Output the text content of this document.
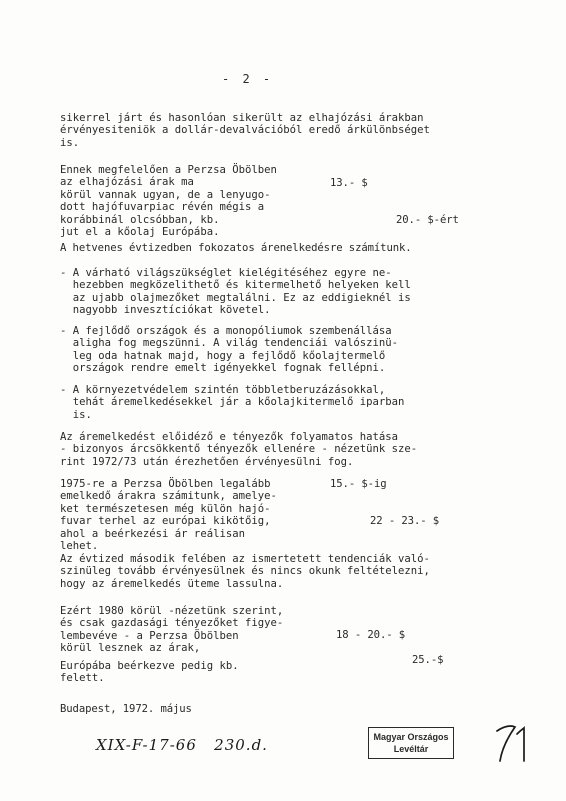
- 2 -
sikerrel járt és hasonlóan sikerült az elhajózási árakban
érvényesiteniök a dollár-devalvációból eredő árkülönbséget
is.
Ennek megfelelően a Perzsa Öbölben
az elhajózási árak ma
körül vannak ugyan, de a lenyugo-
dott hajófuvarpiac révén mégis a
korábbinál olcsóbban, kb.
jut el a kőolaj Európába.
13.- $
20.- $-ért
A hetvenes évtizedben fokozatos árenelkedésre számítunk.
- A várható világszükséglet kielégitéséhez egyre ne-
hezebben megközelithető és kitermelhető helyeken kell
az ujabb olajmezőket megtalálni. Ez az eddigieknél is
nagyobb invesztíciókat követel.
- A fejlődő országok és a monopóliumok szembenállása
aligha fog megszünni. A világ tendenciái valószinü-
leg oda hatnak majd, hogy a fejlődő kőolajtermelő
országok rendre emelt igényekkel fognak fellépni.
- A környezetvédelem szintén többletberuzázásokkal,
tehát áremelkedésekkel jár a kőolajkitermelő iparban
is.
Az áremelkedést előidéző e tényezők folyamatos hatása
- bizonyos árcsökkentő tényezők ellenére - nézetünk sze-
rint 1972/73 után érezhetően érvényesülni fog.
1975-re a Perzsa Öbölben legalább
emelkedő árakra számitunk, amelye-
ket természetesen még külön hajó-
fuvar terhel az európai kikötőig,
ahol a beérkezési ár reálisan
lehet.
15.- $-ig
22 - 23.- $
Az évtized második felében az ismertetett tendenciák való-
szinüleg tovább érvényesülnek és nincs okunk feltételezni,
hogy az áremelkedés üteme lassulna.
Ezért 1980 körül -nézetünk szerint,
és csak gazdasági tényezőket figye-
lembevéve - a Perzsa Öbölben
körül lesznek az árak,
18 - 20.- $
Európába beérkezve pedig kb.
felett.
25.-$
Budapest, 1972. május
XIX-F-17-66   230.d.	Magyar Országos
Levéltár
